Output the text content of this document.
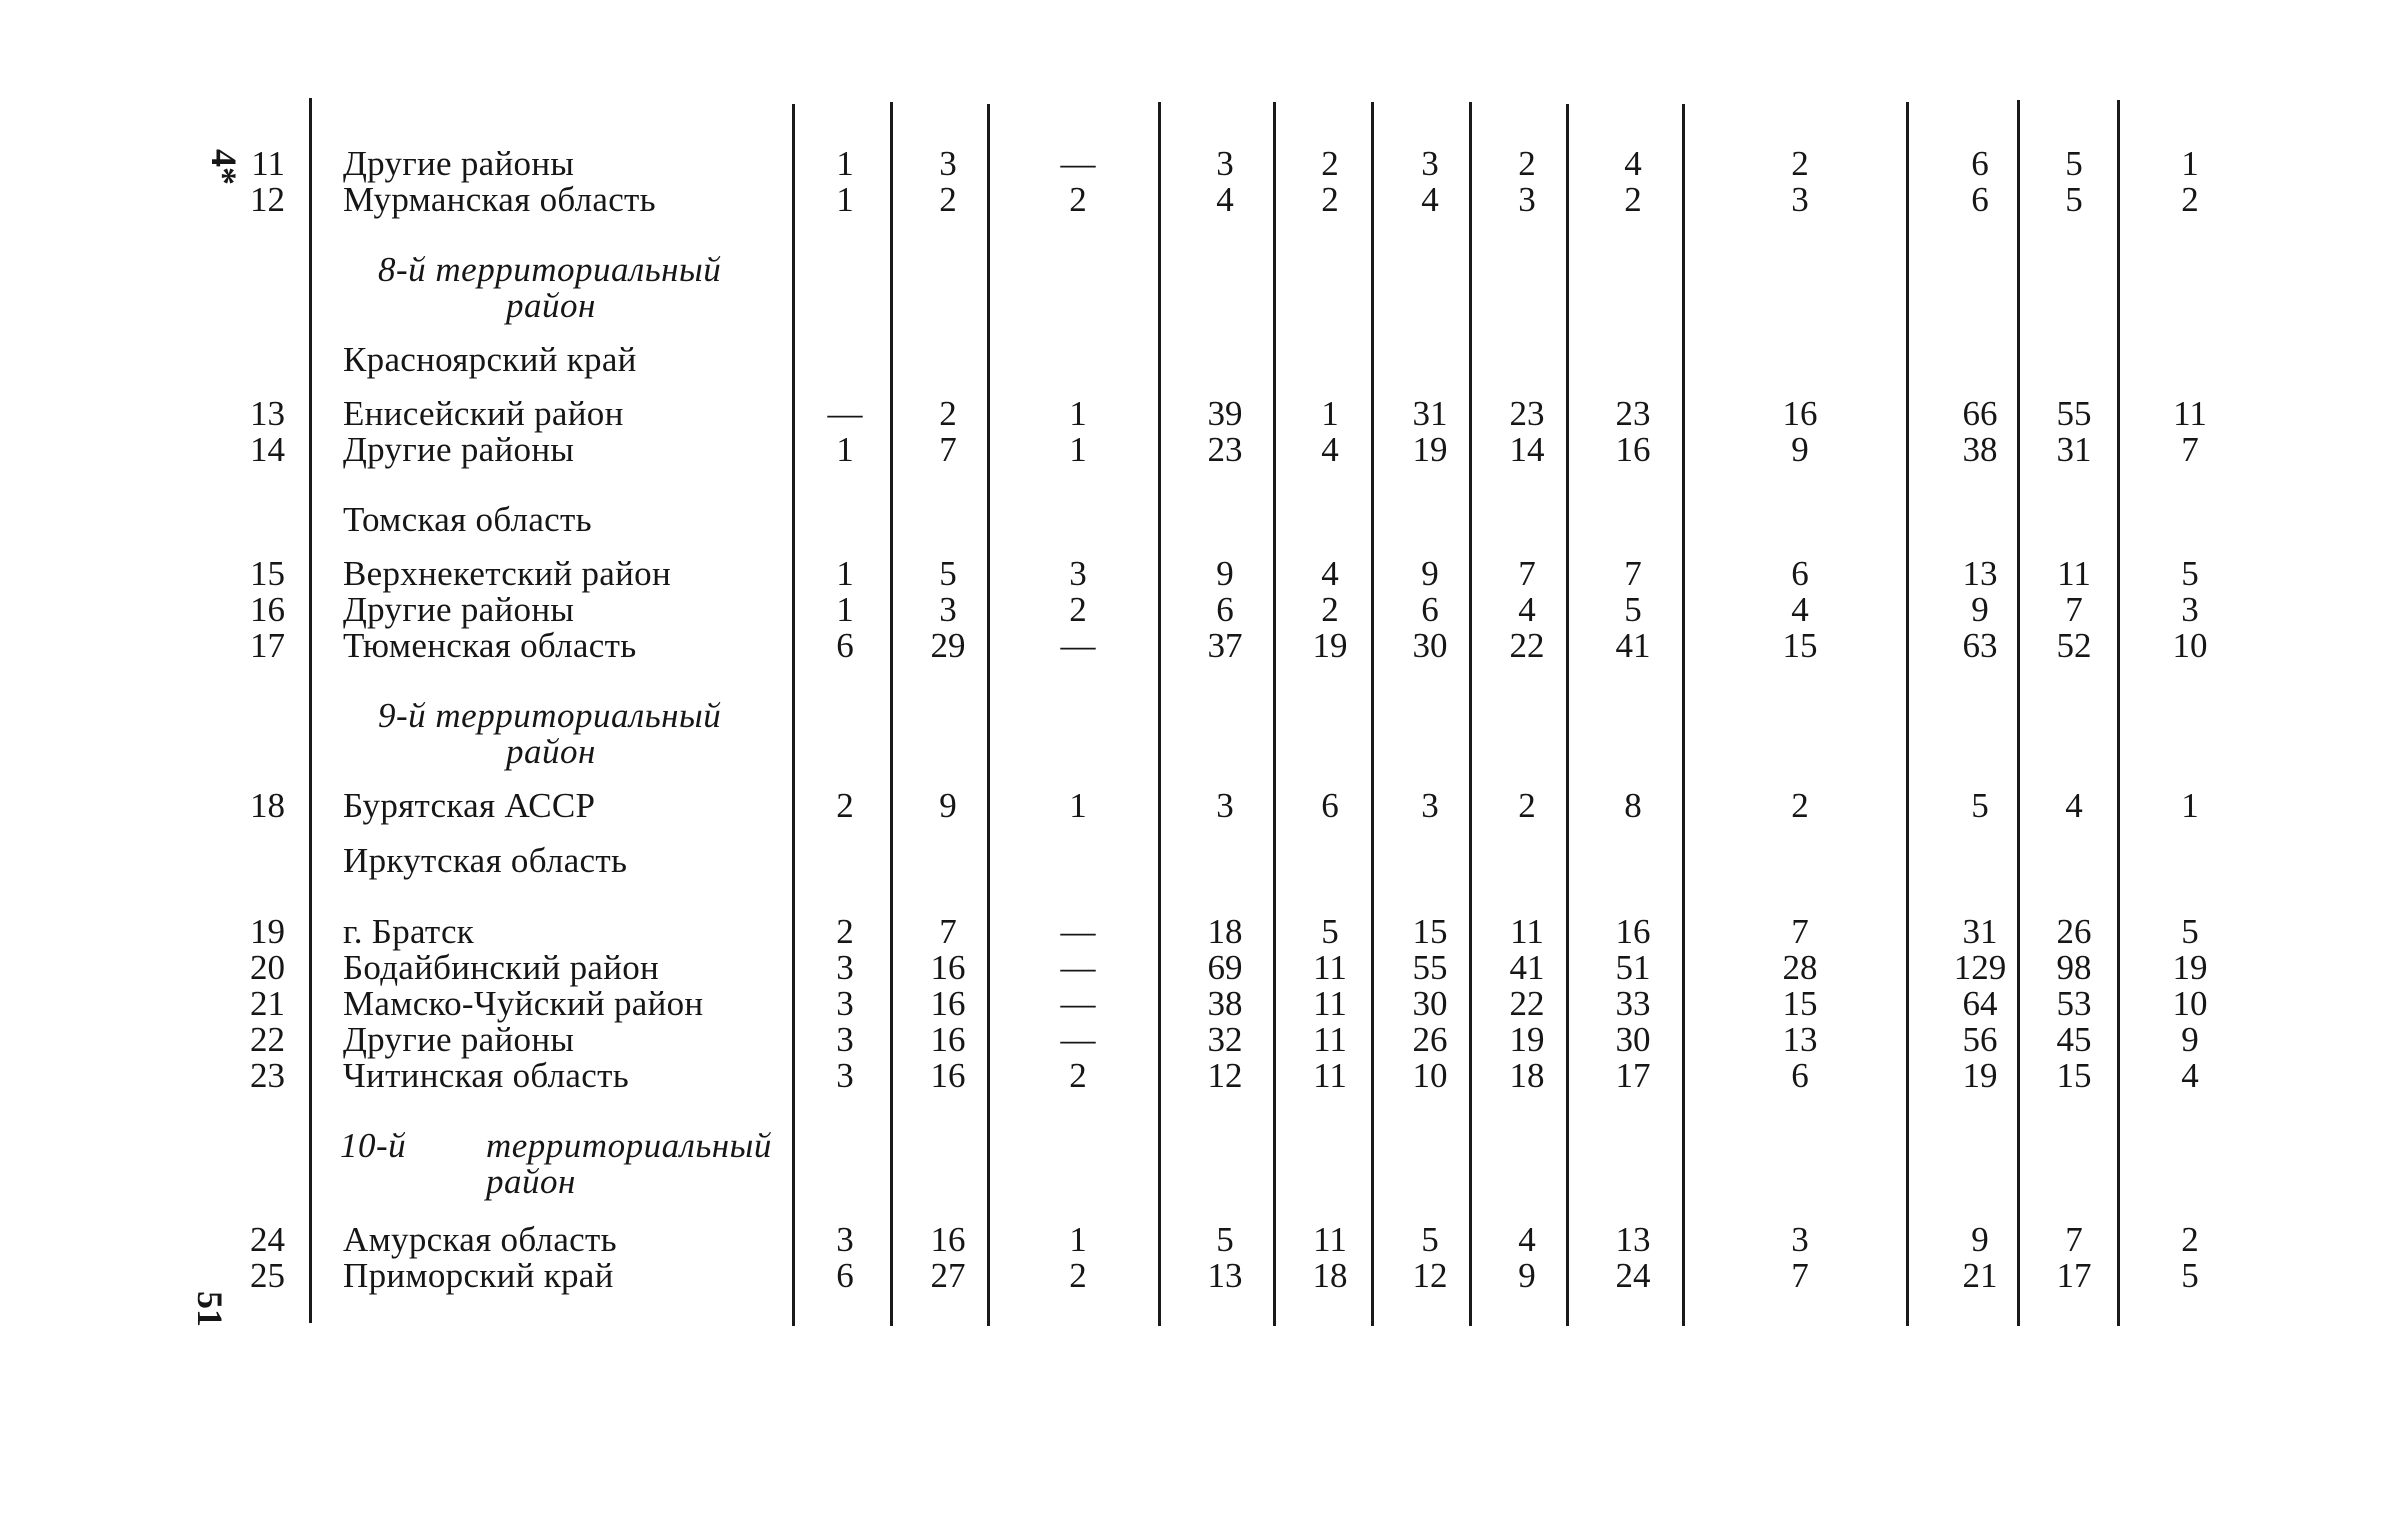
4*
51
8-й территориальный
район
9-й территориальный
район
10-й территориальный
район
Красноярский край
Томская область
Иркутская область
11 Другие районы	1	3	—	3	2	3	2	4	2	6	5	1
12 Мурманская область	1	2	2	4	2	4	3	2	3	6	5	2
13 Енисейский район	—	2	1	39	1	31	23	23	16	66	55	11
14 Другие районы	1	7	1	23	4	19	14	16	9	38	31	7
15 Верхнекетский район	1	5	3	9	4	9	7	7	6	13	11	5
16 Другие районы	1	3	2	6	2	6	4	5	4	9	7	3
17 Тюменская область	6	29	—	37	19	30	22	41	15	63	52	10
18 Бурятская АССР	2	9	1	3	6	3	2	8	2	5	4	1
19 г. Братск	2	7	—	18	5	15	11	16	7	31	26	5
20 Бодайбинский район	3	16	—	69	11	55	41	51	28	129	98	19
21 Мамско-Чуйский район	3	16	—	38	11	30	22	33	15	64	53	10
22 Другие районы	3	16	—	32	11	26	19	30	13	56	45	9
23 Читинская область	3	16	2	12	11	10	18	17	6	19	15	4
24 Амурская область	3	16	1	5	11	5	4	13	3	9	7	2
25 Приморский край	6	27	2	13	18	12	9	24	7	21	17	5
